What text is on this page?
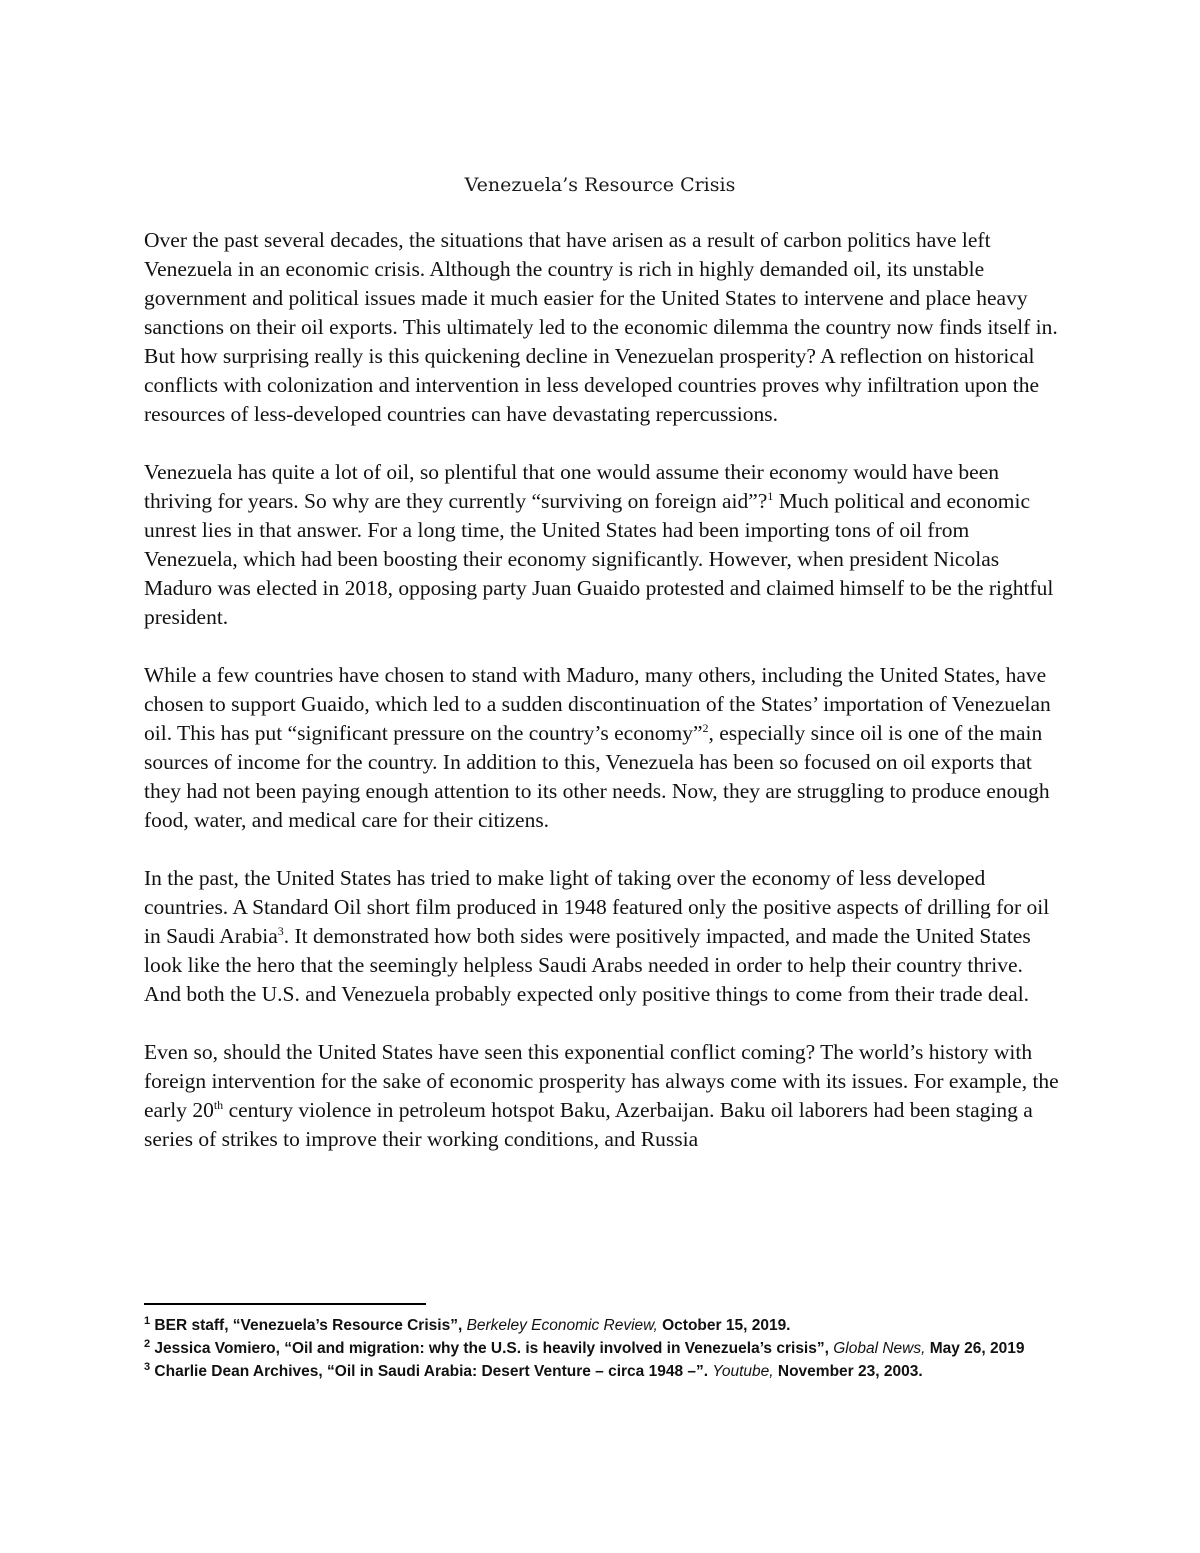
Venezuela’s Resource Crisis

Over the past several decades, the situations that have arisen as a result of carbon politics have left Venezuela in an economic crisis. Although the country is rich in highly demanded oil, its unstable government and political issues made it much easier for the United States to intervene and place heavy sanctions on their oil exports. This ultimately led to the economic dilemma the country now finds itself in. But how surprising really is this quickening decline in Venezuelan prosperity? A reflection on historical conflicts with colonization and intervention in less developed countries proves why infiltration upon the resources of less-developed countries can have devastating repercussions.

Venezuela has quite a lot of oil, so plentiful that one would assume their economy would have been thriving for years. So why are they currently “surviving on foreign aid”?$^1$ Much political and economic unrest lies in that answer. For a long time, the United States had been importing tons of oil from Venezuela, which had been boosting their economy significantly. However, when president Nicolas Maduro was elected in 2018, opposing party Juan Guaido protested and claimed himself to be the rightful president.

While a few countries have chosen to stand with Maduro, many others, including the United States, have chosen to support Guaido, which led to a sudden discontinuation of the States’ importation of Venezuelan oil. This has put “significant pressure on the country’s economy”$^2$, especially since oil is one of the main sources of income for the country. In addition to this, Venezuela has been so focused on oil exports that they had not been paying enough attention to its other needs. Now, they are struggling to produce enough food, water, and medical care for their citizens.

In the past, the United States has tried to make light of taking over the economy of less developed countries. A Standard Oil short film produced in 1948 featured only the positive aspects of drilling for oil in Saudi Arabia$^3$. It demonstrated how both sides were positively impacted, and made the United States look like the hero that the seemingly helpless Saudi Arabs needed in order to help their country thrive. And both the U.S. and Venezuela probably expected only positive things to come from their trade deal.

Even so, should the United States have seen this exponential conflict coming? The world’s history with foreign intervention for the sake of economic prosperity has always come with its issues. For example, the early 20th century violence in petroleum hotspot Baku, Azerbaijan. Baku oil laborers had been staging a series of strikes to improve their working conditions, and Russia

$^1$ BER staff, “Venezuela’s Resource Crisis”, Berkeley Economic Review, October 15, 2019.

$^2$ Jessica Vomiero, “Oil and migration: why the U.S. is heavily involved in Venezuela’s crisis”, Global News, May 26, 2019

$^3$ Charlie Dean Archives, “Oil in Saudi Arabia: Desert Venture – circa 1948 –”. Youtube, November 23, 2003.
